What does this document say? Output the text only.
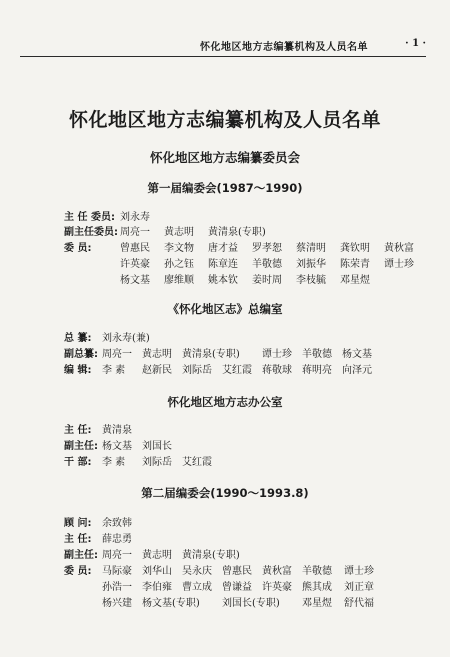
怀化地区地方志编纂机构及人员名单	· 1 ·
怀化地区地方志编纂机构及人员名单
怀化地区地方志编纂委员会
第一届编委会(1987～1990)
主 任 委员: 刘永寿
副主任委员: 周亮一 黄志明 黄清泉(专职)
委 员:	曾惠民 李文物 唐才益 罗孝恕 蔡清明 龚钦明 黄秋富
许英豪 孙之钰 陈章连 羊敬德 刘振华 陈荣青 谭士珍
杨文基 廖维顺 姚本钦 姜时周 李枝毓 邓星煜
《怀化地区志》总编室
总 纂: 刘永寿(兼)
副总纂: 周亮一 黄志明 黄清泉(专职) 谭士珍 羊敬德 杨文基
编 辑: 李 素 赵新民 刘际岳 艾红霞 蒋敬球 蒋明亮 向泽元
怀化地区地方志办公室
主 任: 黄清泉
副主任: 杨文基 刘国长
干 部: 李 素 刘际岳 艾红霞
第二届编委会(1990～1993.8)
顾 问: 余致韩
主 任: 薛忠勇
副主任: 周亮一 黄志明 黄清泉(专职)
委 员: 马际豪 刘华山 吴永庆 曾惠民 黄秋富 羊敬德 谭士珍
孙浩一 李伯雍 曹立成 曾谦益 许英豪 熊其成 刘正章
杨兴建 杨文基(专职) 刘国长(专职) 邓星煜 舒代福
